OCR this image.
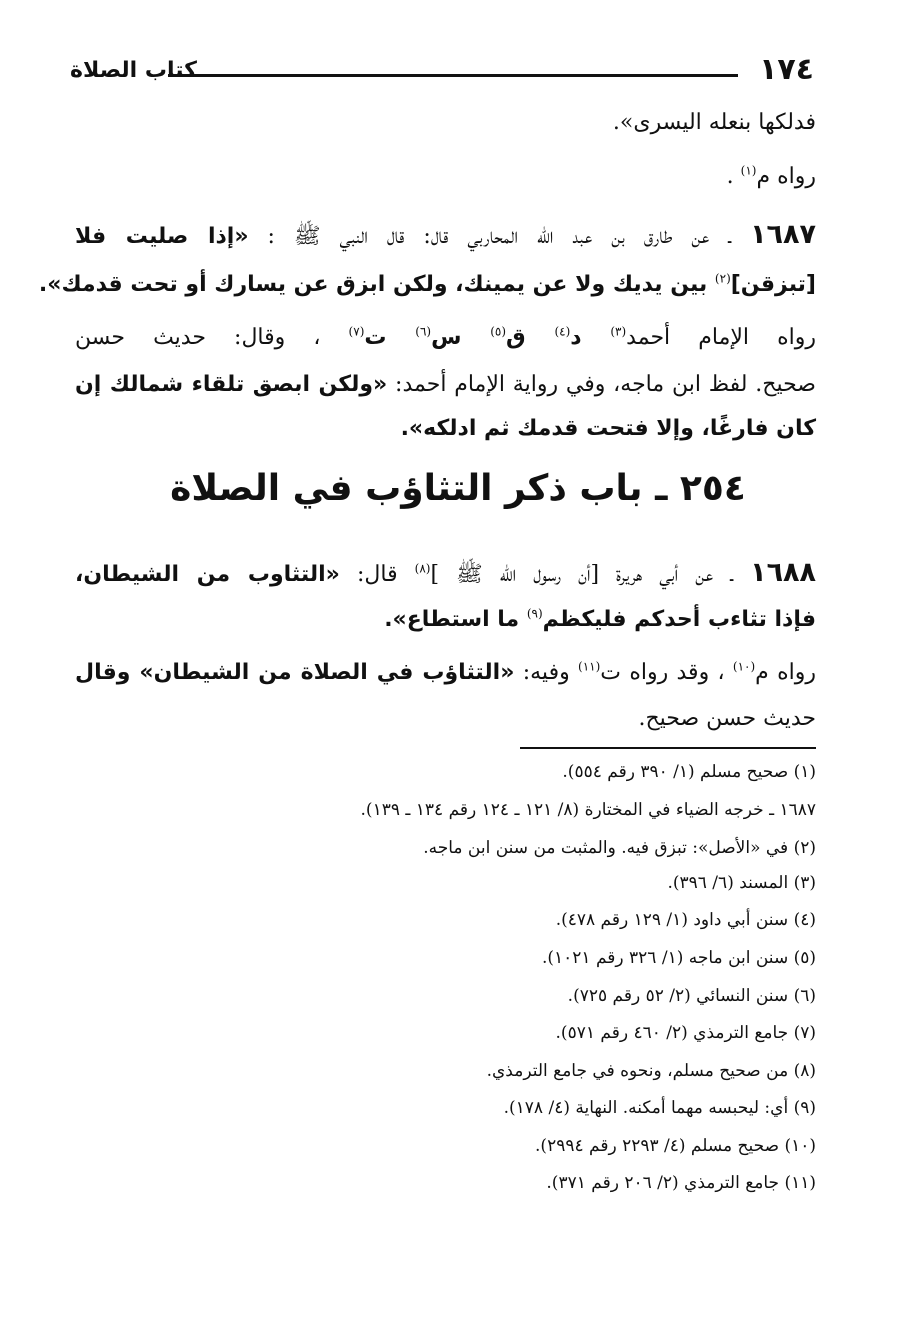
كتاب الصلاة	١٧٤
فدلكها بنعله اليسرى».
رواه م$^{(١)}$ .
١٦٨٧ ـ عن طارق بن عبد اللّه المحاربي قال: قال النبي ﷺ : «إذا صليت فلا
[تبزقن]$^{(٢)}$ بين يديك ولا عن يمينك، ولكن ابزق عن يسارك أو تحت قدمك».
رواه الإمام أحمد$^{(٣)}$ د$^{(٤)}$ ق$^{(٥)}$ س$^{(٦)}$ ت$^{(٧)}$ ، وقال: حديث حسن
صحيح. لفظ ابن ماجه، وفي رواية الإمام أحمد: «ولكن ابصق تلقاء شمالك إن
كان فارغًا، وإلا فتحت قدمك ثم ادلكه».
٢٥٤ ـ باب ذكر التثاؤب في الصلاة
١٦٨٨ ـ عن أبي هريرة [أن رسول اللّه ﷺ ]$^{(٨)}$ قال: «التثاوب من الشيطان،
فإذا تثاءب أحدكم فليكظم$^{(٩)}$ ما استطاع».
رواه م$^{(١٠)}$ ، وقد رواه ت$^{(١١)}$ وفيه: «التثاؤب في الصلاة من الشيطان» وقال
حديث حسن صحيح.
(١) صحيح مسلم (١/ ٣٩٠ رقم ٥٥٤).
١٦٨٧ ـ خرجه الضياء في المختارة (٨/ ١٢١ ـ ١٢٤ رقم ١٣٤ ـ ١٣٩).
(٢) في «الأصل»: تبزق فيه. والمثبت من سنن ابن ماجه.
(٣) المسند (٦/ ٣٩٦).
(٤) سنن أبي داود (١/ ١٢٩ رقم ٤٧٨).
(٥) سنن ابن ماجه (١/ ٣٢٦ رقم ١٠٢١).
(٦) سنن النسائي (٢/ ٥٢ رقم ٧٢٥).
(٧) جامع الترمذي (٢/ ٤٦٠ رقم ٥٧١).
(٨) من صحيح مسلم، ونحوه في جامع الترمذي.
(٩) أي: ليحبسه مهما أمكنه. النهاية (٤/ ١٧٨).
(١٠) صحيح مسلم (٤/ ٢٢٩٣ رقم ٢٩٩٤).
(١١) جامع الترمذي (٢/ ٢٠٦ رقم ٣٧١).
